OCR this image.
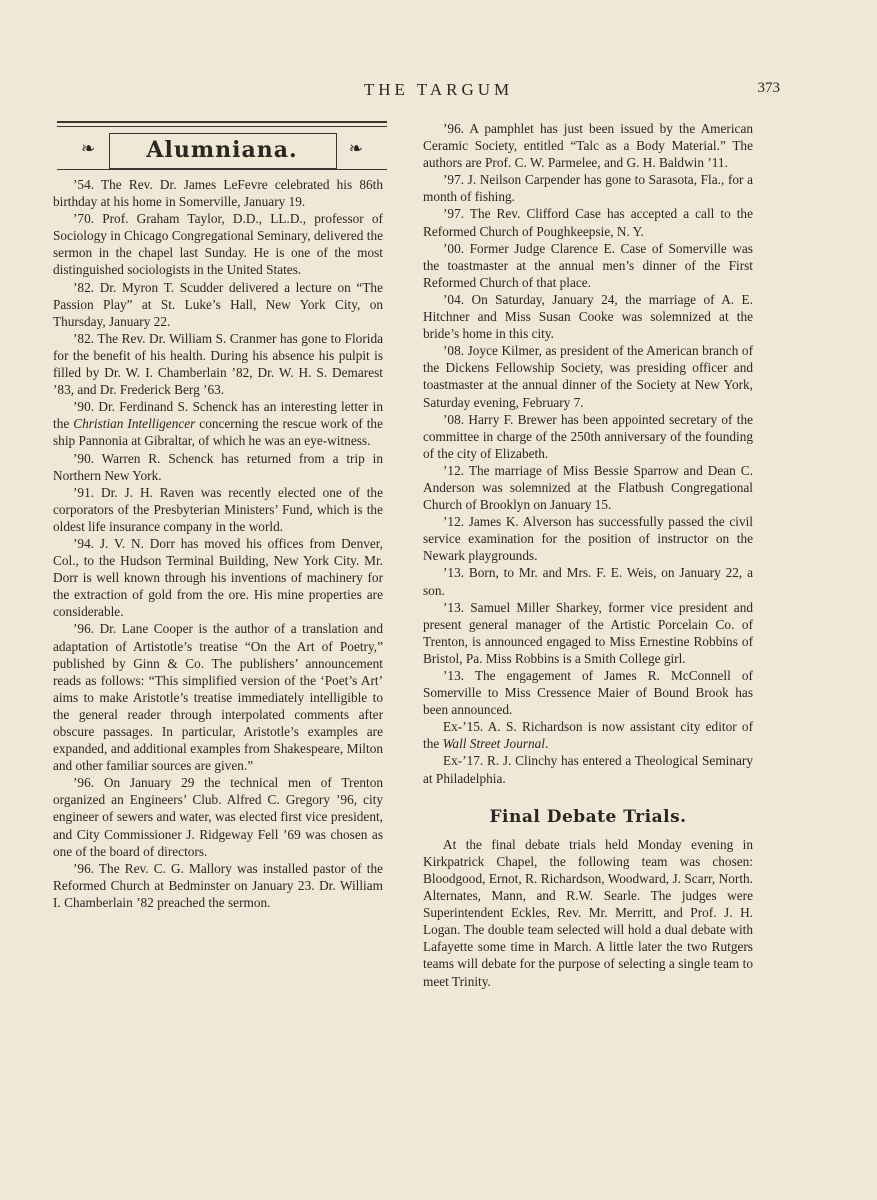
THE TARGUM	373
❧	Alumniana.	❧

’54. The Rev. Dr. James LeFevre celebrated his 86th birthday at his home in Somerville, January 19.

’70. Prof. Graham Taylor, D.D., LL.D., professor of Sociology in Chicago Congregational Seminary, delivered the sermon in the chapel last Sunday. He is one of the most distinguished sociologists in the United States.

’82. Dr. Myron T. Scudder delivered a lecture on “The Passion Play” at St. Luke’s Hall, New York City, on Thursday, January 22.

’82. The Rev. Dr. William S. Cranmer has gone to Florida for the benefit of his health. During his absence his pulpit is filled by Dr. W. I. Chamberlain ’82, Dr. W. H. S. Demarest ’83, and Dr. Frederick Berg ’63.

’90. Dr. Ferdinand S. Schenck has an interesting letter in the Christian Intelligencer concerning the rescue work of the ship Pannonia at Gibraltar, of which he was an eye-witness.

’90. Warren R. Schenck has returned from a trip in Northern New York.

’91. Dr. J. H. Raven was recently elected one of the corporators of the Presbyterian Ministers’ Fund, which is the oldest life insurance company in the world.

’94. J. V. N. Dorr has moved his offices from Denver, Col., to the Hudson Terminal Building, New York City. Mr. Dorr is well known through his inventions of machinery for the extraction of gold from the ore. His mine properties are considerable.

’96. Dr. Lane Cooper is the author of a translation and adaptation of Artistotle’s treatise “On the Art of Poetry,” published by Ginn & Co. The publishers’ announcement reads as follows: “This simplified version of the ‘Poet’s Art’ aims to make Aristotle’s treatise immediately intelligible to the general reader through interpolated comments after obscure passages. In particular, Aristotle’s examples are expanded, and additional examples from Shakespeare, Milton and other familiar sources are given.”

’96. On January 29 the technical men of Trenton organized an Engineers’ Club. Alfred C. Gregory ’96, city engineer of sewers and water, was elected first vice president, and City Commissioner J. Ridgeway Fell ’69 was chosen as one of the board of directors.

’96. The Rev. C. G. Mallory was installed pastor of the Reformed Church at Bedminster on January 23. Dr. William I. Chamberlain ’82 preached the sermon.

’96. A pamphlet has just been issued by the American Ceramic Society, entitled “Talc as a Body Material.” The authors are Prof. C. W. Parmelee, and G. H. Baldwin ’11.

’97. J. Neilson Carpender has gone to Sarasota, Fla., for a month of fishing.

’97. The Rev. Clifford Case has accepted a call to the Reformed Church of Poughkeepsie, N. Y.

’00. Former Judge Clarence E. Case of Somerville was the toastmaster at the annual men’s dinner of the First Reformed Church of that place.

’04. On Saturday, January 24, the marriage of A. E. Hitchner and Miss Susan Cooke was solemnized at the bride’s home in this city.

’08. Joyce Kilmer, as president of the American branch of the Dickens Fellowship Society, was presiding officer and toastmaster at the annual dinner of the Society at New York, Saturday evening, February 7.

’08. Harry F. Brewer has been appointed secretary of the committee in charge of the 250th anniversary of the founding of the city of Elizabeth.

’12. The marriage of Miss Bessie Sparrow and Dean C. Anderson was solemnized at the Flatbush Congregational Church of Brooklyn on January 15.

’12. James K. Alverson has successfully passed the civil service examination for the position of instructor on the Newark playgrounds.

’13. Born, to Mr. and Mrs. F. E. Weis, on January 22, a son.

’13. Samuel Miller Sharkey, former vice president and present general manager of the Artistic Porcelain Co. of Trenton, is announced engaged to Miss Ernestine Robbins of Bristol, Pa. Miss Robbins is a Smith College girl.

’13. The engagement of James R. McConnell of Somerville to Miss Cressence Maier of Bound Brook has been announced.

Ex-’15. A. S. Richardson is now assistant city editor of the Wall Street Journal.

Ex-’17. R. J. Clinchy has entered a Theological Seminary at Philadelphia.

Final Debate Trials.

At the final debate trials held Monday evening in Kirkpatrick Chapel, the following team was chosen: Bloodgood, Ernot, R. Richardson, Woodward, J. Scarr, North. Alternates, Mann, and R.W. Searle. The judges were Superintendent Eckles, Rev. Mr. Merritt, and Prof. J. H. Logan. The double team selected will hold a dual debate with Lafayette some time in March. A little later the two Rutgers teams will debate for the purpose of selecting a single team to meet Trinity.
